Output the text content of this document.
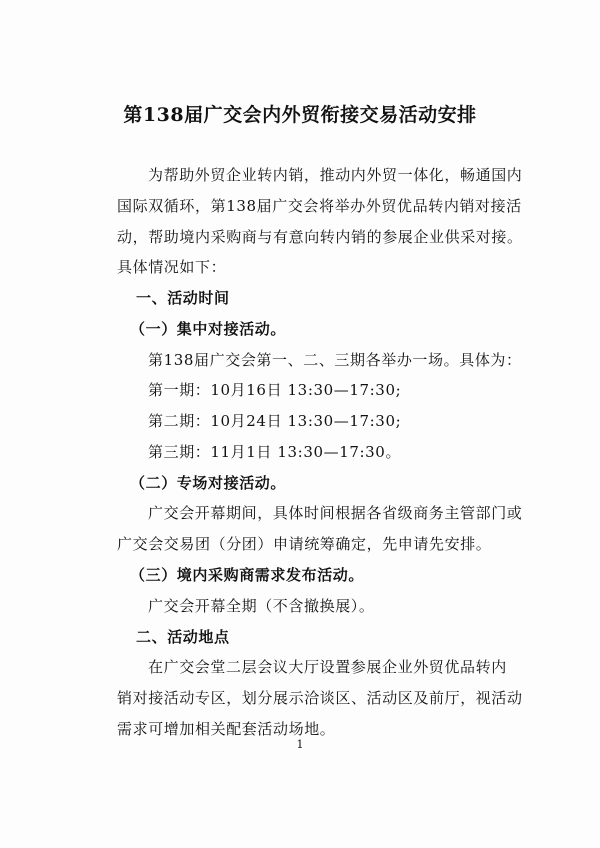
第138届广交会内外贸衔接交易活动安排
为帮助外贸企业转内销，推动内外贸一体化，畅通国内
国际双循环，第138届广交会将举办外贸优品转内销对接活
动，帮助境内采购商与有意向转内销的参展企业供采对接。
具体情况如下：
一、活动时间
（一）集中对接活动。
第138届广交会第一、二、三期各举办一场。具体为：
第一期：10月16日 13:30—17:30;
第二期：10月24日 13:30—17:30;
第三期：11月1日 13:30—17:30。
（二）专场对接活动。
广交会开幕期间，具体时间根据各省级商务主管部门或
广交会交易团（分团）申请统筹确定，先申请先安排。
（三）境内采购商需求发布活动。
广交会开幕全期（不含撤换展）。
二、活动地点
在广交会堂二层会议大厅设置参展企业外贸优品转内
销对接活动专区，划分展示洽谈区、活动区及前厅，视活动
需求可增加相关配套活动场地。
1
